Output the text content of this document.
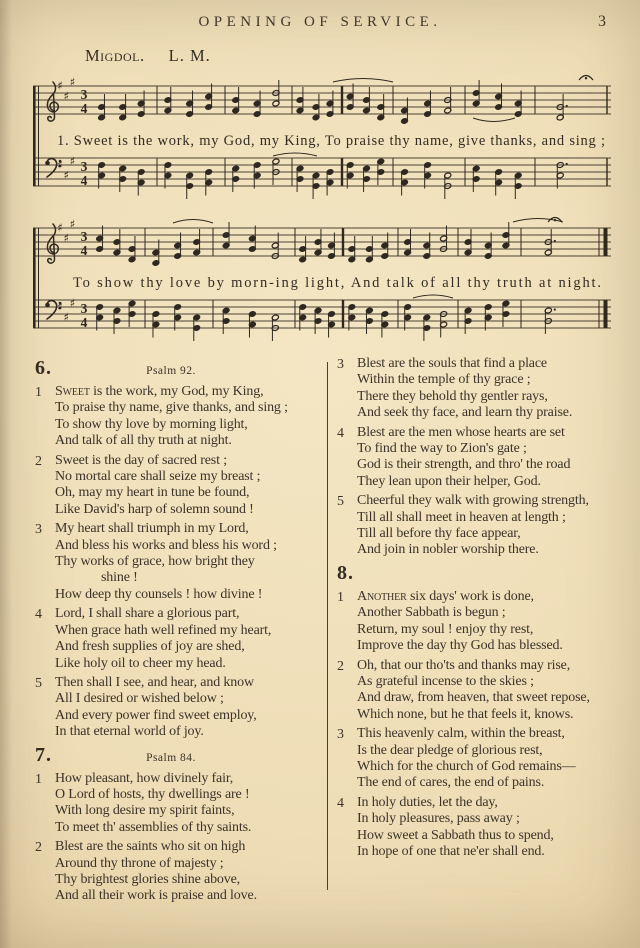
OPENING OF SERVICE.	3
Migdol. L. M.
1. Sweet is the work, my God, my King, To praise thy name, give thanks, and sing ;
♯
♯
♯
♯
♯
♯
3
4
3
4
To show thy love by morn-ing light, And talk of all thy truth at night.
♯
♯
♯
♯
♯
♯
3
4
3
4
6.	Psalm 92.
1 Sweet is the work, my God, my King,
To praise thy name, give thanks, and sing ;
To show thy love by morning light,
And talk of all thy truth at night.
2 Sweet is the day of sacred rest ;
No mortal care shall seize my breast ;
Oh, may my heart in tune be found,
Like David's harp of solemn sound !
3 My heart shall triumph in my Lord,
And bless his works and bless his word ;
Thy works of grace, how bright they
shine !
How deep thy counsels ! how divine !
4 Lord, I shall share a glorious part,
When grace hath well refined my heart,
And fresh supplies of joy are shed,
Like holy oil to cheer my head.
5 Then shall I see, and hear, and know
All I desired or wished below ;
And every power find sweet employ,
In that eternal world of joy.
7.	Psalm 84.
1 How pleasant, how divinely fair,
O Lord of hosts, thy dwellings are !
With long desire my spirit faints,
To meet th' assemblies of thy saints.
2 Blest are the saints who sit on high
Around thy throne of majesty ;
Thy brightest glories shine above,
And all their work is praise and love.
3 Blest are the souls that find a place
Within the temple of thy grace ;
There they behold thy gentler rays,
And seek thy face, and learn thy praise.
4 Blest are the men whose hearts are set
To find the way to Zion's gate ;
God is their strength, and thro' the road
They lean upon their helper, God.
5 Cheerful they walk with growing strength,
Till all shall meet in heaven at length ;
Till all before thy face appear,
And join in nobler worship there.
8.
1 Another six days' work is done,
Another Sabbath is begun ;
Return, my soul ! enjoy thy rest,
Improve the day thy God has blessed.
2 Oh, that our tho'ts and thanks may rise,
As grateful incense to the skies ;
And draw, from heaven, that sweet repose,
Which none, but he that feels it, knows.
3 This heavenly calm, within the breast,
Is the dear pledge of glorious rest,
Which for the church of God remains—
The end of cares, the end of pains.
4 In holy duties, let the day,
In holy pleasures, pass away ;
How sweet a Sabbath thus to spend,
In hope of one that ne'er shall end.
